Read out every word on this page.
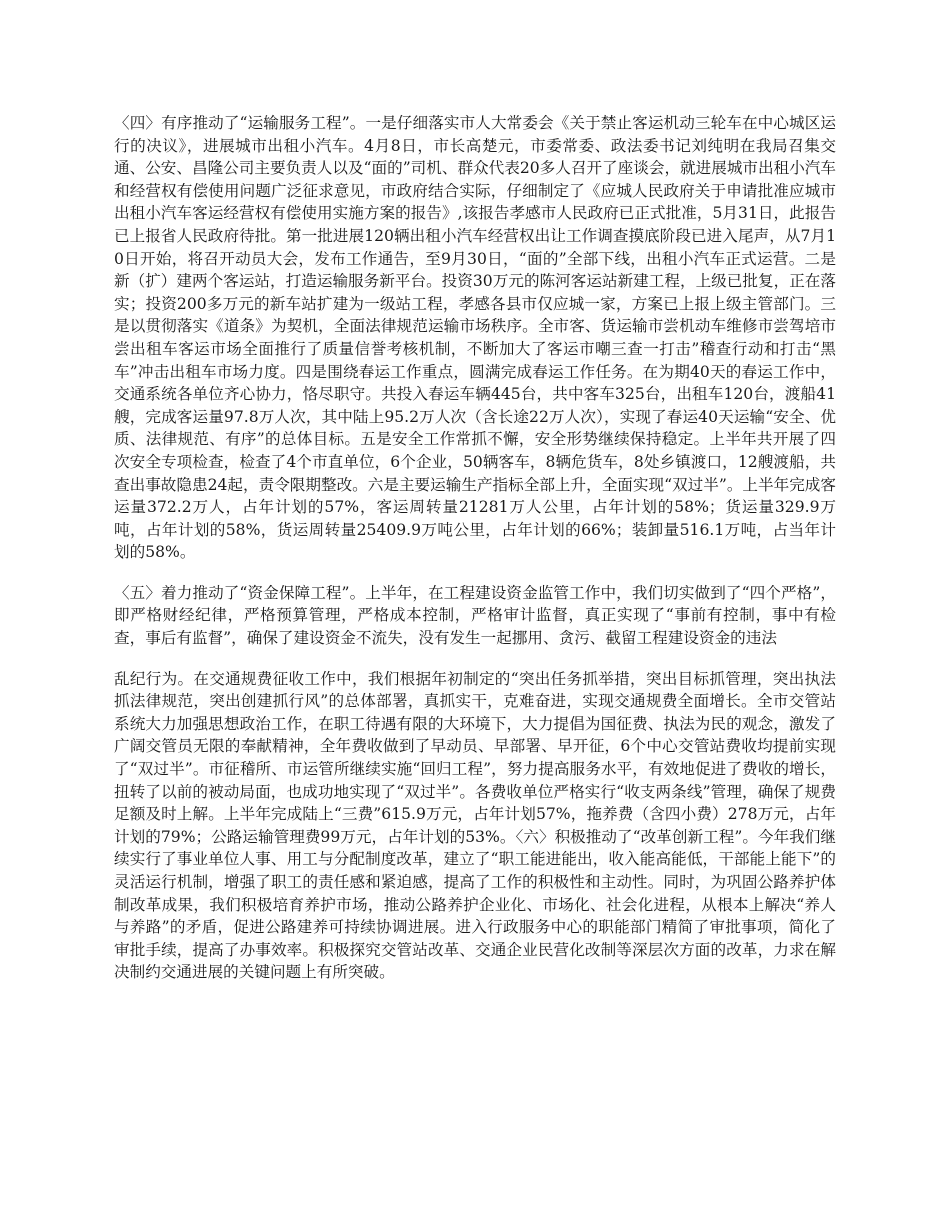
〈四〉有序推动了“运输服务工程”。一是仔细落实市人大常委会《关于禁止客运机动三轮车在中心城区运行的决议》，进展城市出租小汽车。4月8日，市长高楚元，市委常委、政法委书记刘纯明在我局召集交通、公安、昌隆公司主要负责人以及“面的”司机、群众代表20多人召开了座谈会，就进展城市出租小汽车和经营权有偿使用问题广泛征求意见，市政府结合实际，仔细制定了《应城人民政府关于申请批准应城市出租小汽车客运经营权有偿使用实施方案的报告》,该报告孝感市人民政府已正式批准，5月31日，此报告已上报省人民政府待批。第一批进展120辆出租小汽车经营权出让工作调查摸底阶段已进入尾声，从7月10日开始，将召开动员大会，发布工作通告，至9月30日，“面的”全部下线，出租小汽车正式运营。二是新（扩）建两个客运站，打造运输服务新平台。投资30万元的陈河客运站新建工程，上级已批复，正在落实；投资200多万元的新车站扩建为一级站工程，孝感各县市仅应城一家，方案已上报上级主管部门。三是以贯彻落实《道条》为契机，全面法律规范运输市场秩序。全市客、货运输市尝机动车维修市尝驾培市尝出租车客运市场全面推行了质量信誉考核机制，不断加大了客运市嘲三查一打击”稽查行动和打击“黑车”冲击出租车市场力度。四是围绕春运工作重点，圆满完成春运工作任务。在为期40天的春运工作中，交通系统各单位齐心协力，恪尽职守。共投入春运车辆445台，共中客车325台，出租车120台，渡船41艘，完成客运量97.8万人次，其中陆上95.2万人次（含长途22万人次），实现了春运40天运输“安全、优质、法律规范、有序”的总体目标。五是安全工作常抓不懈，安全形势继续保持稳定。上半年共开展了四次安全专项检查，检查了4个市直单位，6个企业，50辆客车，8辆危货车，8处乡镇渡口，12艘渡船，共查出事故隐患24起，责令限期整改。六是主要运输生产指标全部上升，全面实现“双过半”。上半年完成客运量372.2万人，占年计划的57%，客运周转量21281万人公里，占年计划的58%；货运量329.9万吨，占年计划的58%，货运周转量25409.9万吨公里，占年计划的66%；装卸量516.1万吨，占当年计划的58%。

〈五〉着力推动了“资金保障工程”。上半年，在工程建设资金监管工作中，我们切实做到了“四个严格”，即严格财经纪律，严格预算管理，严格成本控制，严格审计监督，真正实现了“事前有控制，事中有检查，事后有监督”，确保了建设资金不流失，没有发生一起挪用、贪污、截留工程建设资金的违法

乱纪行为。在交通规费征收工作中，我们根据年初制定的“突出任务抓举措，突出目标抓管理，突出执法抓法律规范，突出创建抓行风”的总体部署，真抓实干，克难奋进，实现交通规费全面增长。全市交管站系统大力加强思想政治工作，在职工待遇有限的大环境下，大力提倡为国征费、执法为民的观念，激发了广阔交管员无限的奉献精神，全年费收做到了早动员、早部署、早开征，6个中心交管站费收均提前实现了“双过半”。市征稽所、市运管所继续实施“回归工程”，努力提高服务水平，有效地促进了费收的增长，扭转了以前的被动局面，也成功地实现了“双过半”。各费收单位严格实行“收支两条线”管理，确保了规费足额及时上解。上半年完成陆上“三费”615.9万元，占年计划57%，拖养费（含四小费）278万元，占年计划的79%；公路运输管理费99万元，占年计划的53%。〈六〉积极推动了“改革创新工程”。今年我们继续实行了事业单位人事、用工与分配制度改革，建立了“职工能进能出，收入能高能低，干部能上能下”的灵活运行机制，增强了职工的责任感和紧迫感，提高了工作的积极性和主动性。同时，为巩固公路养护体制改革成果，我们积极培育养护市场，推动公路养护企业化、市场化、社会化进程，从根本上解决“养人与养路”的矛盾，促进公路建养可持续协调进展。进入行政服务中心的职能部门精简了审批事项，简化了审批手续，提高了办事效率。积极探究交管站改革、交通企业民营化改制等深层次方面的改革，力求在解决制约交通进展的关键问题上有所突破。
